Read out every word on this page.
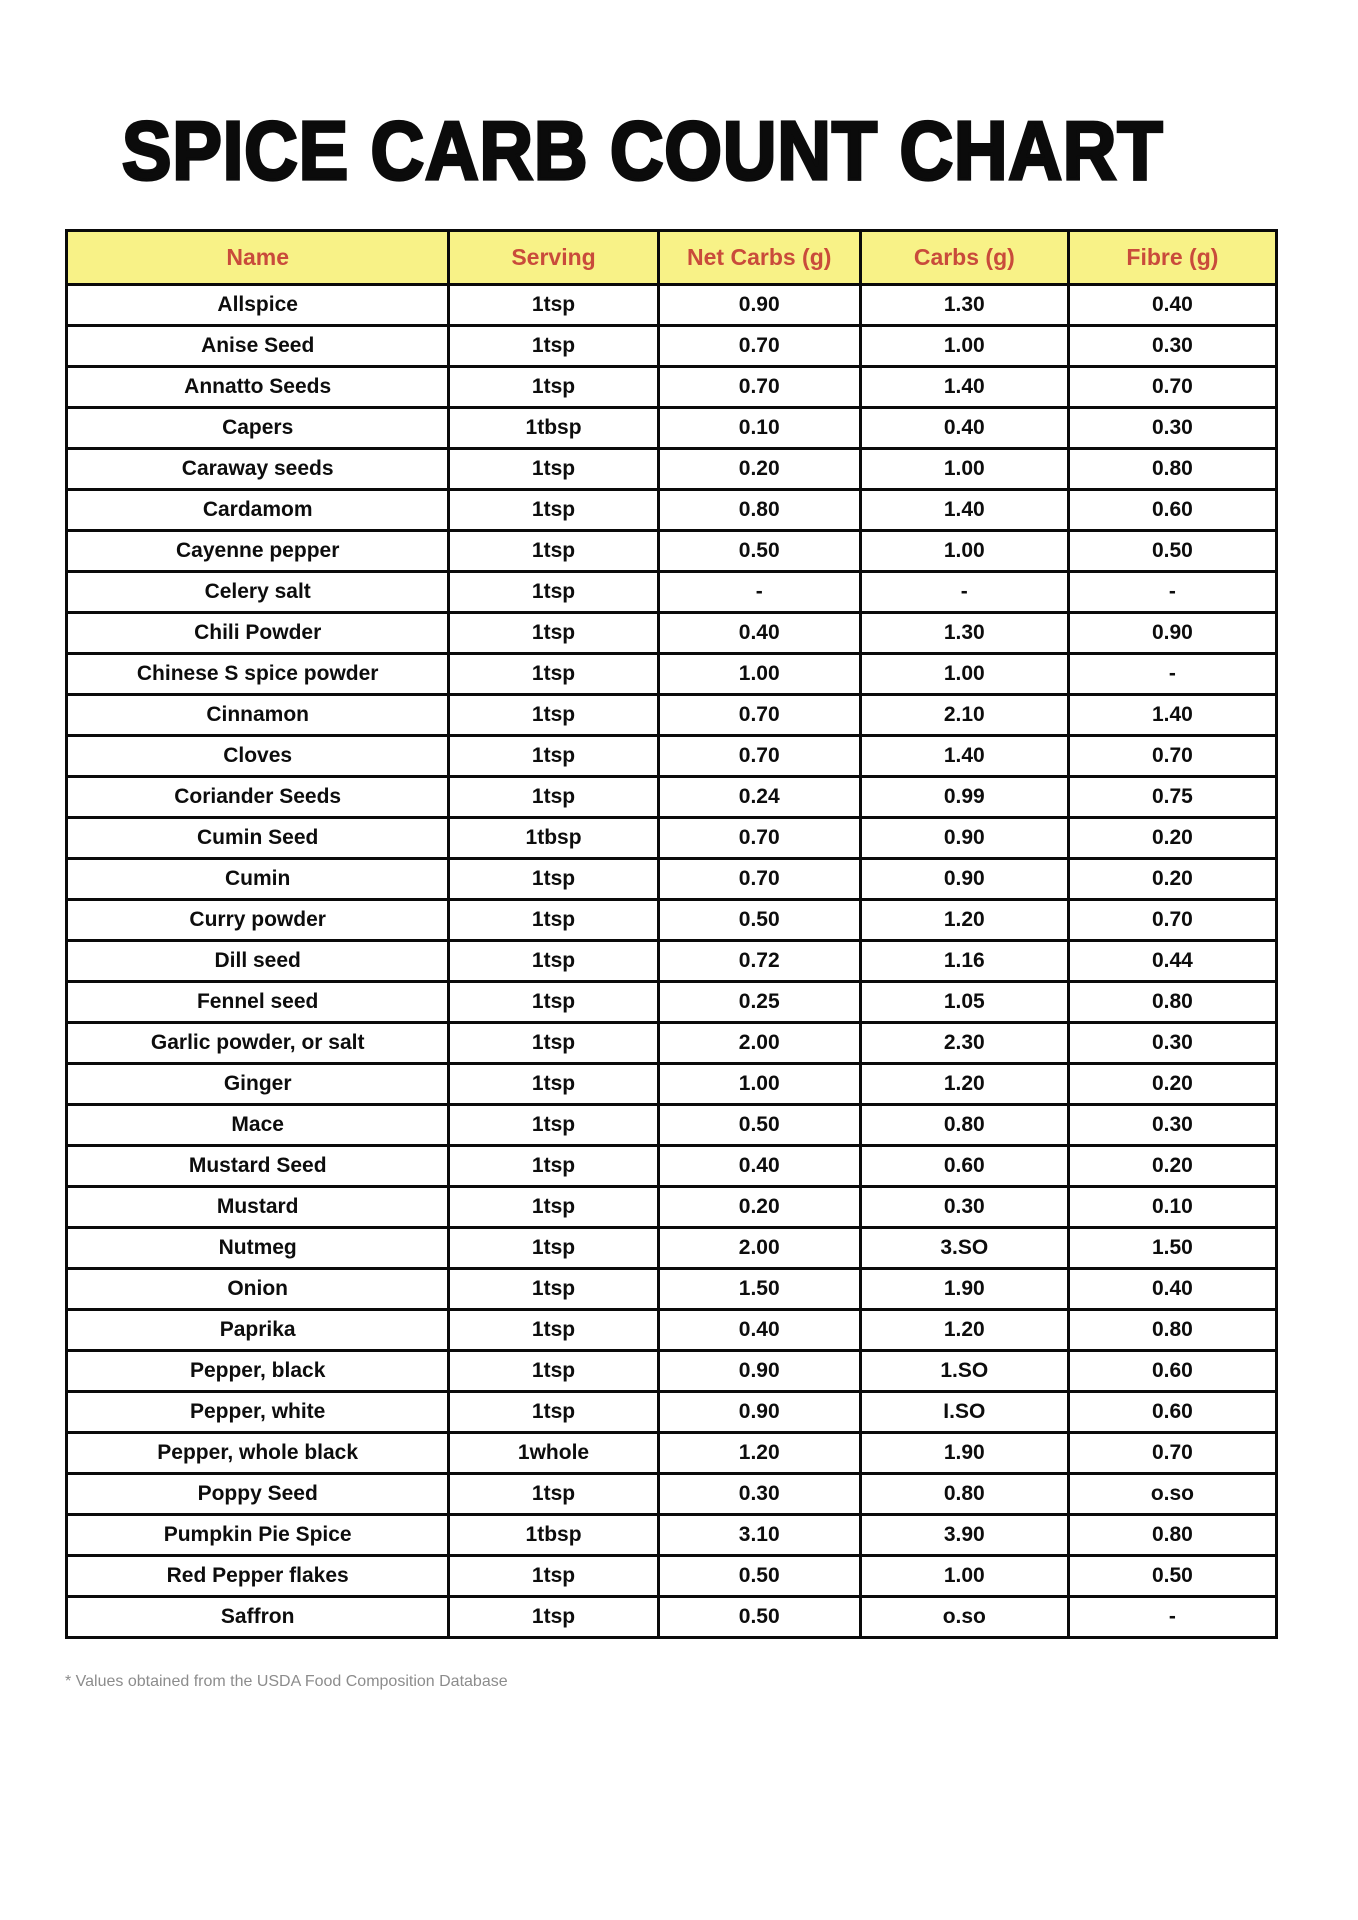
SPICE CARB COUNT CHART
Name	Serving	Net Carbs (g)	Carbs (g)	Fibre (g)
Allspice	1tsp	0.90	1.30	0.40
Anise Seed	1tsp	0.70	1.00	0.30
Annatto Seeds	1tsp	0.70	1.40	0.70
Capers	1tbsp	0.10	0.40	0.30
Caraway seeds	1tsp	0.20	1.00	0.80
Cardamom	1tsp	0.80	1.40	0.60
Cayenne pepper	1tsp	0.50	1.00	0.50
Celery salt	1tsp	-	-	-
Chili Powder	1tsp	0.40	1.30	0.90
Chinese S spice powder	1tsp	1.00	1.00	-
Cinnamon	1tsp	0.70	2.10	1.40
Cloves	1tsp	0.70	1.40	0.70
Coriander Seeds	1tsp	0.24	0.99	0.75
Cumin Seed	1tbsp	0.70	0.90	0.20
Cumin	1tsp	0.70	0.90	0.20
Curry powder	1tsp	0.50	1.20	0.70
Dill seed	1tsp	0.72	1.16	0.44
Fennel seed	1tsp	0.25	1.05	0.80
Garlic powder, or salt	1tsp	2.00	2.30	0.30
Ginger	1tsp	1.00	1.20	0.20
Mace	1tsp	0.50	0.80	0.30
Mustard Seed	1tsp	0.40	0.60	0.20
Mustard	1tsp	0.20	0.30	0.10
Nutmeg	1tsp	2.00	3.SO	1.50
Onion	1tsp	1.50	1.90	0.40
Paprika	1tsp	0.40	1.20	0.80
Pepper, black	1tsp	0.90	1.SO	0.60
Pepper, white	1tsp	0.90	I.SO	0.60
Pepper, whole black	1whole	1.20	1.90	0.70
Poppy Seed	1tsp	0.30	0.80	o.so
Pumpkin Pie Spice	1tbsp	3.10	3.90	0.80
Red Pepper flakes	1tsp	0.50	1.00	0.50
Saffron	1tsp	0.50	o.so	-
* Values obtained from the USDA Food Composition Database
